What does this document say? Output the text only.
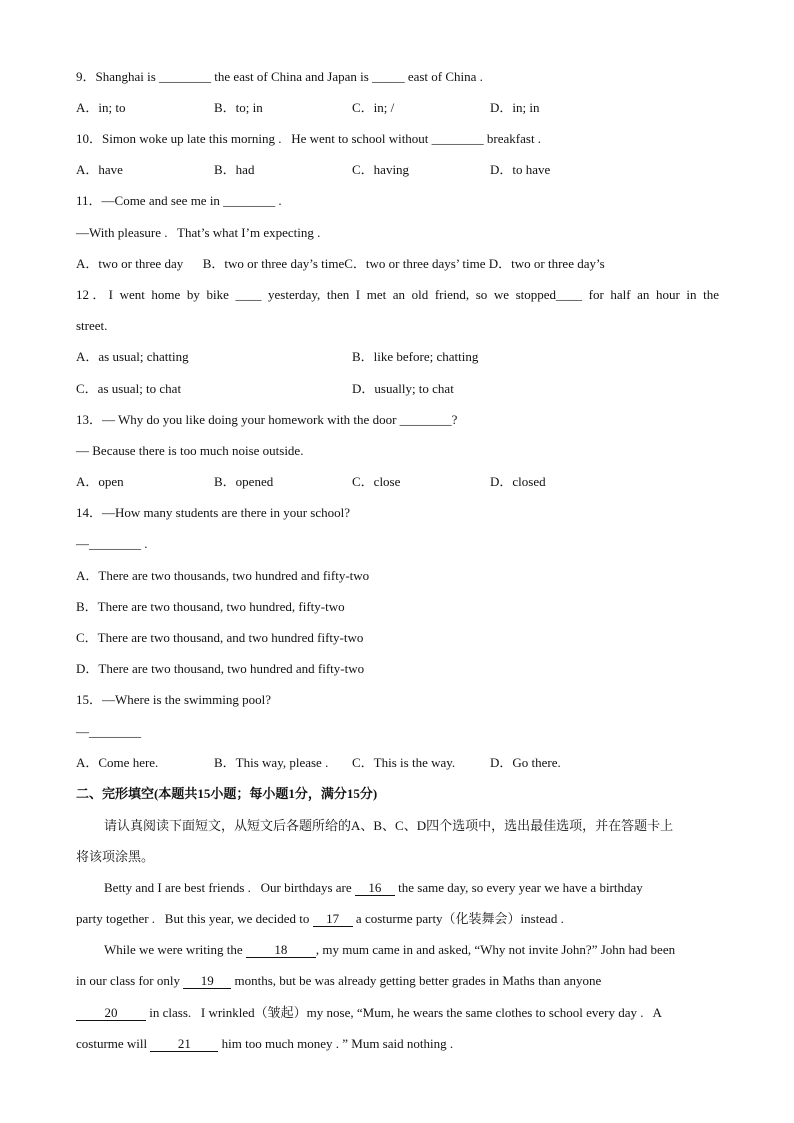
9．Shanghai is ________ the east of China and Japan is _____ east of China .

A．in; to

	B．to; in

	C．in; /

	D．in; in

10．Simon woke up late this morning .   He went to school without ________ breakfast .

A．have

	B．had

	C．having

	D．to have

11．—Come and see me in ________ .
—With pleasure .   That’s what I’m expecting .
A．two or three day      B．two or three day’s timeC．two or three days’ time D．two or three day’s
12．I went home by bike ____ yesterday, then I met an old friend, so we stopped____ for half an hour in the
street.

A．as usual; chatting

	B．like before; chatting

C．as usual; to chat

	D．usually; to chat

13．— Why do you like doing your homework with the door ________?
— Because there is too much noise outside.

A．open

	B．opened

	C．close

	D．closed

14．—How many students are there in your school?
—________ .
A．There are two thousands, two hundred and fifty-two
B．There are two thousand, two hundred, fifty-two
C．There are two thousand, and two hundred fifty-two
D．There are two thousand, two hundred and fifty-two
15．—Where is the swimming pool?
—________

A．Come here.

	B．This way, please .

C．This is the way.

	D．Go there.

二、完形填空(本题共15小题；每小题1分，满分15分)
请认真阅读下面短文，从短文后各题所给的A、B、C、D四个选项中，选出最佳选项，并在答题卡上
将该项涂黑。
Betty and I are best friends .   Our birthdays are 16 the same day, so every year we have a birthday
party together .   But this year, we decided to 17 a costurme party（化装舞会）instead .
While we were writing the 18 , my mum came in and asked, “Why not invite John?” John had been
in our class for only 19 months, but be was already getting better grades in Maths than anyone
20 in class.   I wrinkled（皱起）my nose, “Mum, he wears the same clothes to school every day .   A
costurme will 21 him too much money . ” Mum said nothing .
